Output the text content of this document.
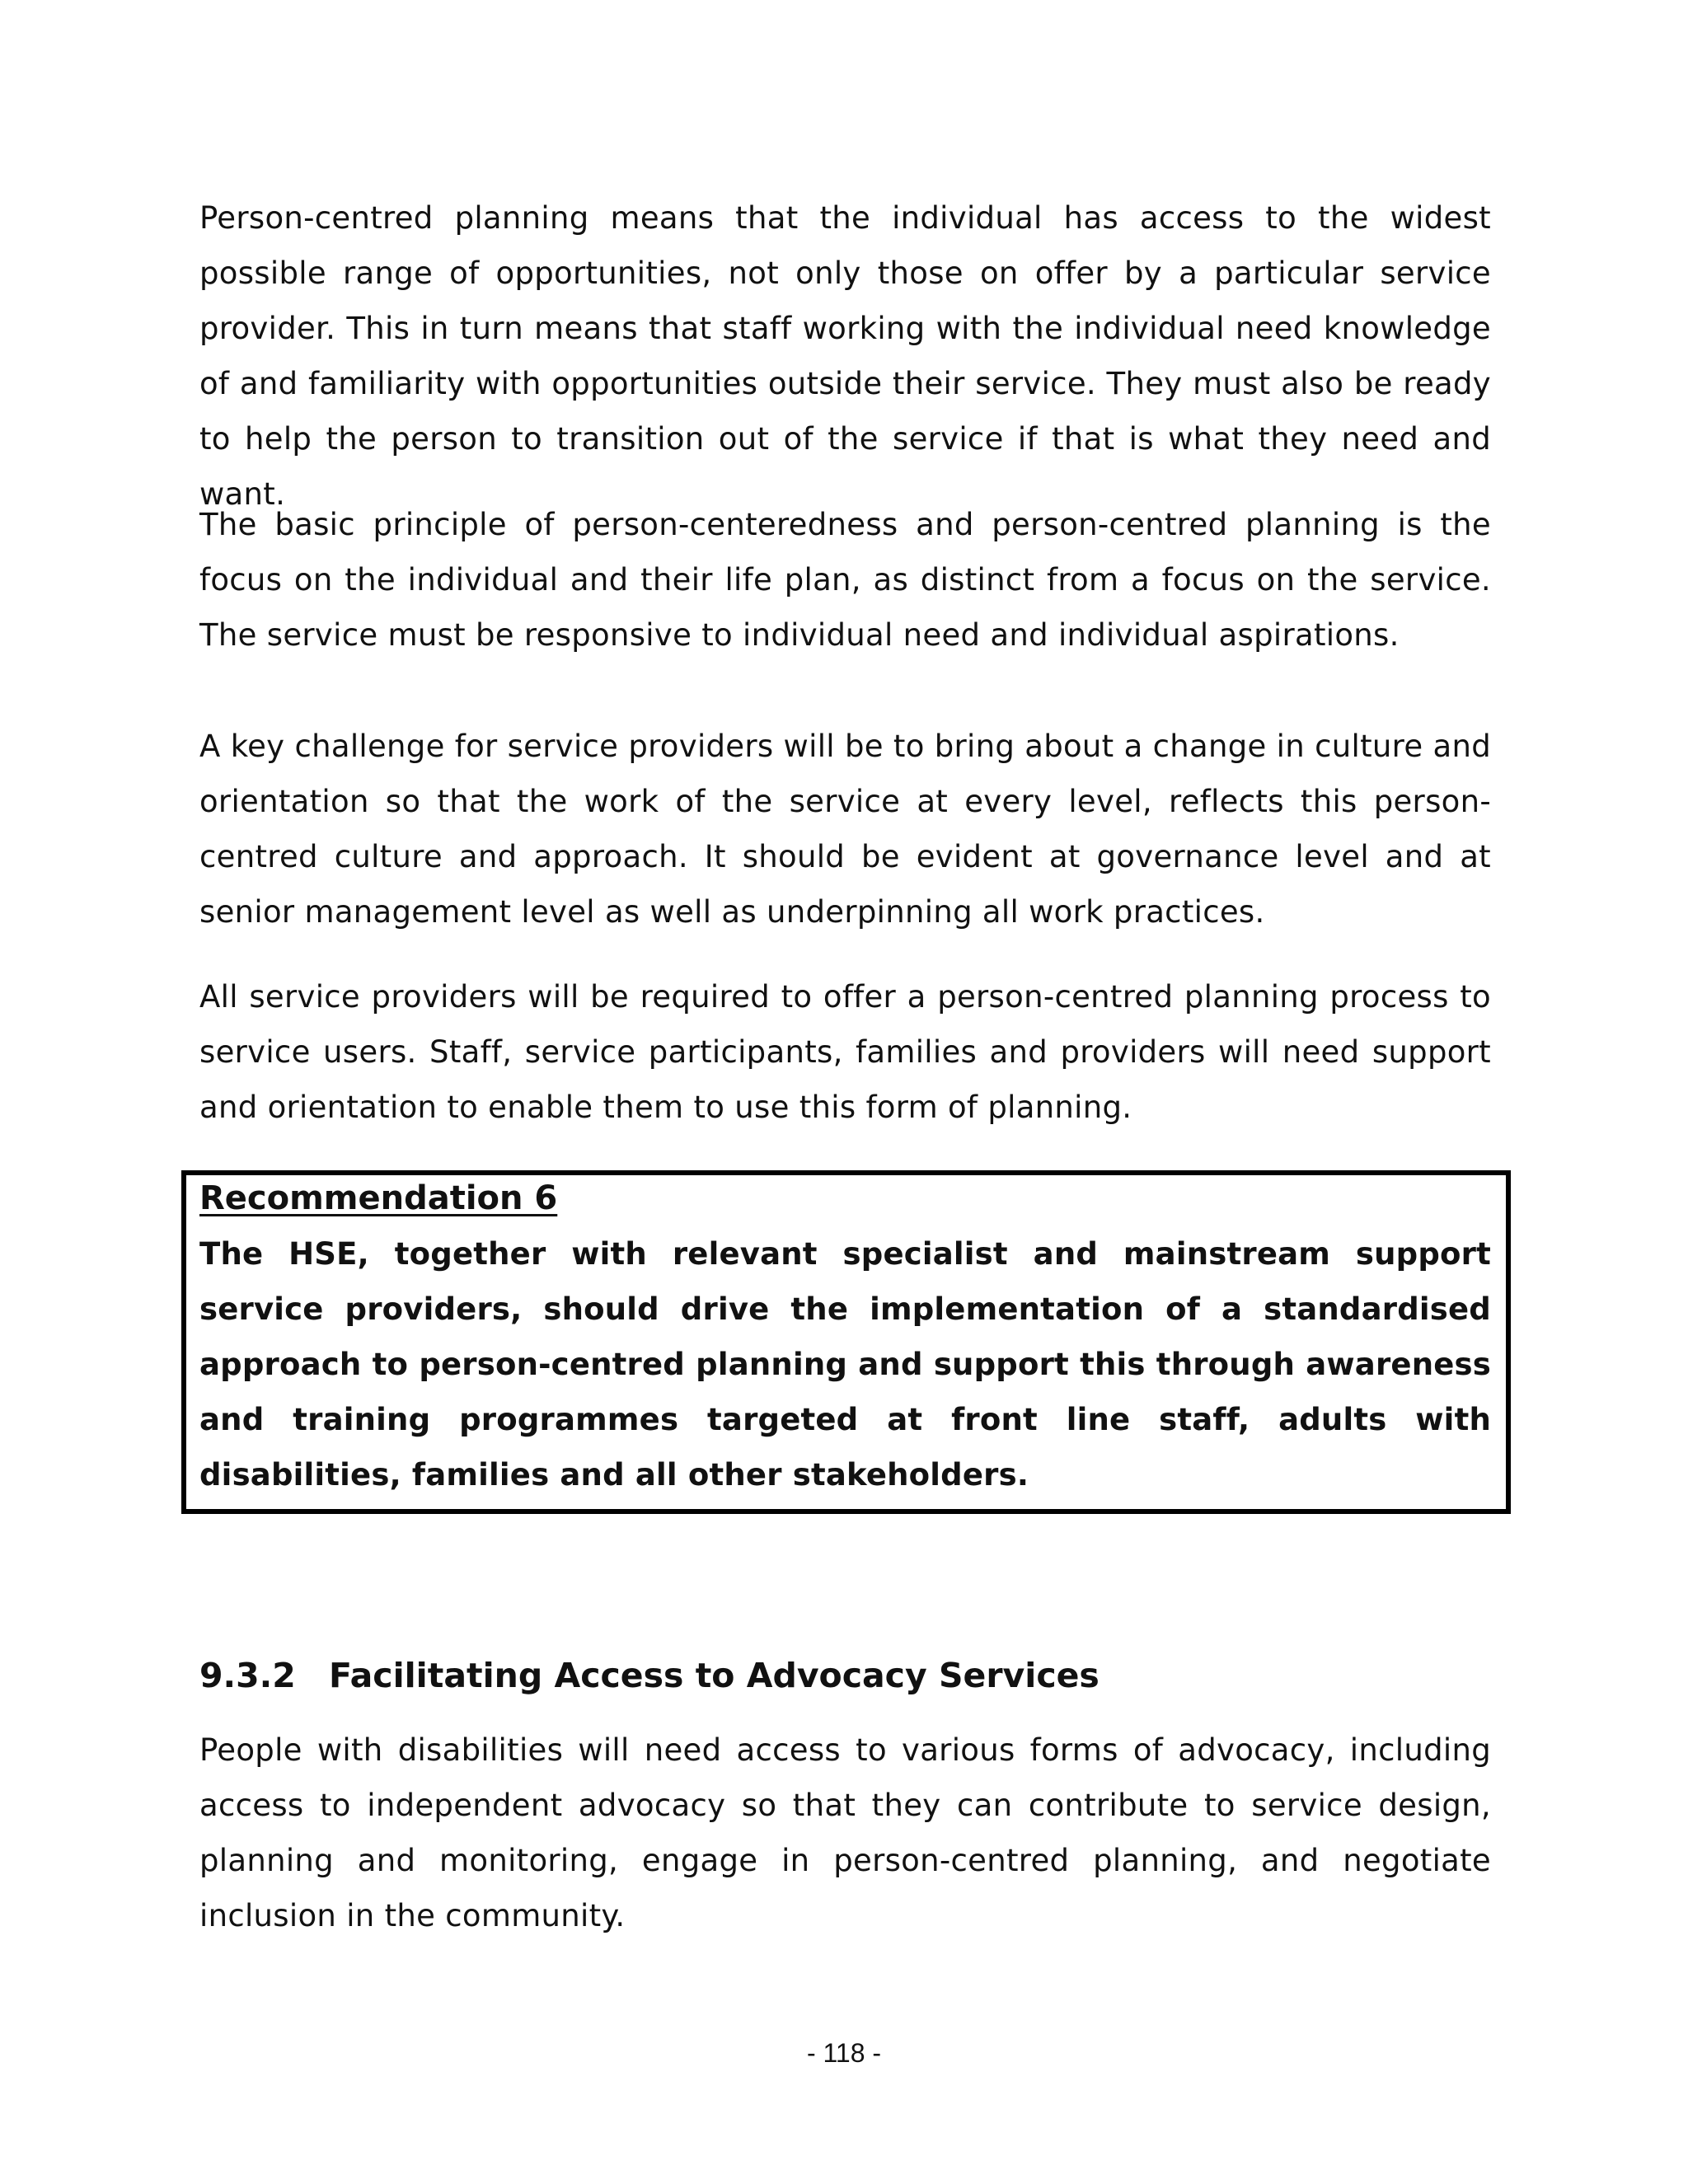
Person-centred planning means that the individual has access to the widest possible range of opportunities, not only those on offer by a particular service provider. This in turn means that staff working with the individual need knowledge of and familiarity with opportunities outside their service. They must also be ready to help the person to transition out of the service if that is what they need and want.

The basic principle of person-centeredness and person-centred planning is the focus on the individual and their life plan, as distinct from a focus on the service. The service must be responsive to individual need and individual aspirations.

A key challenge for service providers will be to bring about a change in culture and orientation so that the work of the service at every level, reflects this person-centred culture and approach. It should be evident at governance level and at senior management level as well as underpinning all work practices.

All service providers will be required to offer a person-centred planning process to service users. Staff, service participants, families and providers will need support and orientation to enable them to use this form of planning.

Recommendation 6

The HSE, together with relevant specialist and mainstream support service providers, should drive the implementation of a standardised approach to person-centred planning and support this through awareness and training programmes targeted at front line staff, adults with disabilities, families and all other stakeholders.

9.3.2 Facilitating Access to Advocacy Services

People with disabilities will need access to various forms of advocacy, including access to independent advocacy so that they can contribute to service design, planning and monitoring, engage in person-centred planning, and negotiate inclusion in the community.

- 118 -
